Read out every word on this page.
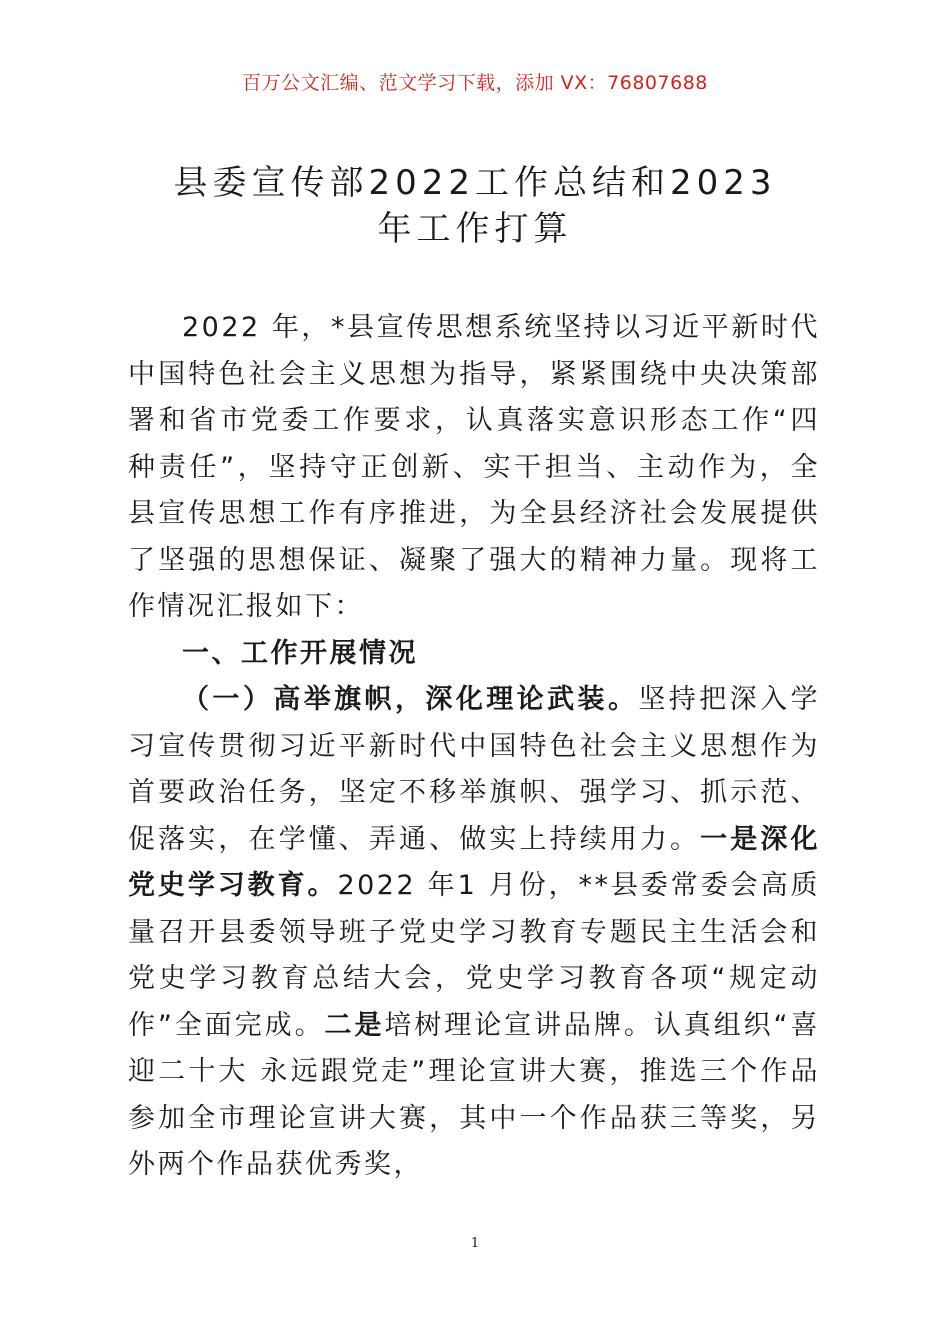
百万公文汇编、范文学习下载，添加 VX：76807688
县委宣传部2022工作总结和2023
年工作打算

2022 年，*县宣传思想系统坚持以习近平新时代中国特色社会主义思想为指导，紧紧围绕中央决策部署和省市党委工作要求，认真落实意识形态工作“四种责任”，坚持守正创新、实干担当、主动作为，全县宣传思想工作有序推进，为全县经济社会发展提供了坚强的思想保证、凝聚了强大的精神力量。现将工作情况汇报如下：

一、工作开展情况

（一）高举旗帜，深化理论武装。坚持把深入学习宣传贯彻习近平新时代中国特色社会主义思想作为首要政治任务，坚定不移举旗帜、强学习、抓示范、促落实，在学懂、弄通、做实上持续用力。一是深化党史学习教育。2022 年1 月份，**县委常委会高质量召开县委领导班子党史学习教育专题民主生活会和党史学习教育总结大会，党史学习教育各项“规定动作”全面完成。二是培树理论宣讲品牌。认真组织“喜迎二十大 永远跟党走”理论宣讲大赛，推选三个作品参加全市理论宣讲大赛，其中一个作品获三等奖，另外两个作品获优秀奖，

1
